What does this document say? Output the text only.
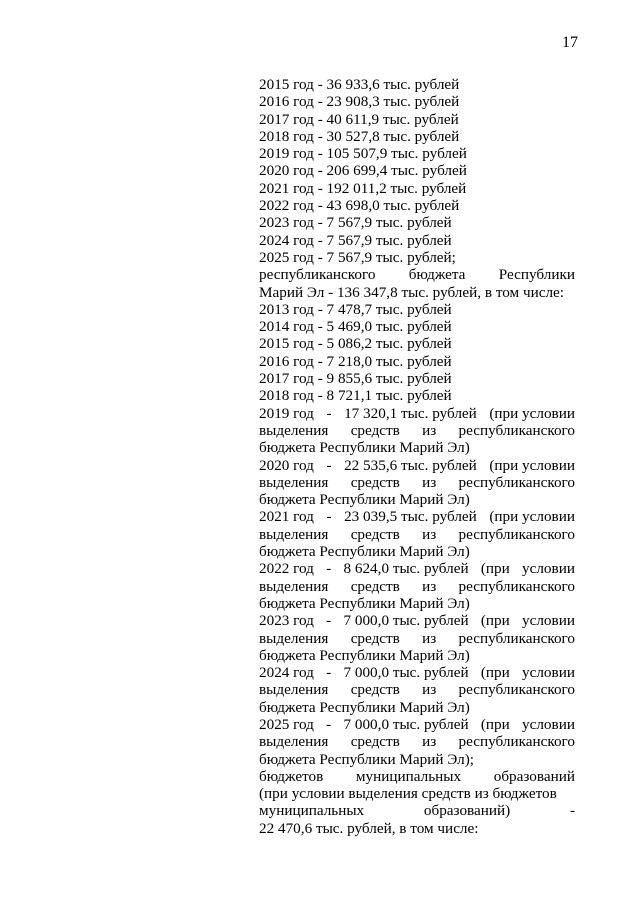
17
2015 год - 36 933,6 тыс. рублей
2016 год - 23 908,3 тыс. рублей
2017 год - 40 611,9 тыс. рублей
2018 год - 30 527,8 тыс. рублей
2019 год - 105 507,9 тыс. рублей
2020 год - 206 699,4 тыс. рублей
2021 год - 192 011,2 тыс. рублей
2022 год - 43 698,0 тыс. рублей
2023 год - 7 567,9 тыс. рублей
2024 год - 7 567,9 тыс. рублей
2025 год - 7 567,9 тыс. рублей;
республиканского бюджета Республики
Марий Эл - 136 347,8 тыс. рублей, в том числе:
2013 год - 7 478,7 тыс. рублей
2014 год - 5 469,0 тыс. рублей
2015 год - 5 086,2 тыс. рублей
2016 год - 7 218,0 тыс. рублей
2017 год - 9 855,6 тыс. рублей
2018 год - 8 721,1 тыс. рублей
2019 год - 17 320,1 тыс. рублей (при условии
выделения средств из республиканского
бюджета Республики Марий Эл)
2020 год - 22 535,6 тыс. рублей (при условии
выделения средств из республиканского
бюджета Республики Марий Эл)
2021 год - 23 039,5 тыс. рублей (при условии
выделения средств из республиканского
бюджета Республики Марий Эл)
2022 год - 8 624,0 тыс. рублей (при условии
выделения средств из республиканского
бюджета Республики Марий Эл)
2023 год - 7 000,0 тыс. рублей (при условии
выделения средств из республиканского
бюджета Республики Марий Эл)
2024 год - 7 000,0 тыс. рублей (при условии
выделения средств из республиканского
бюджета Республики Марий Эл)
2025 год - 7 000,0 тыс. рублей (при условии
выделения средств из республиканского
бюджета Республики Марий Эл);
бюджетов муниципальных образований
(при условии выделения средств из бюджетов
муниципальных	образований)	-
22 470,6 тыс. рублей, в том числе:
